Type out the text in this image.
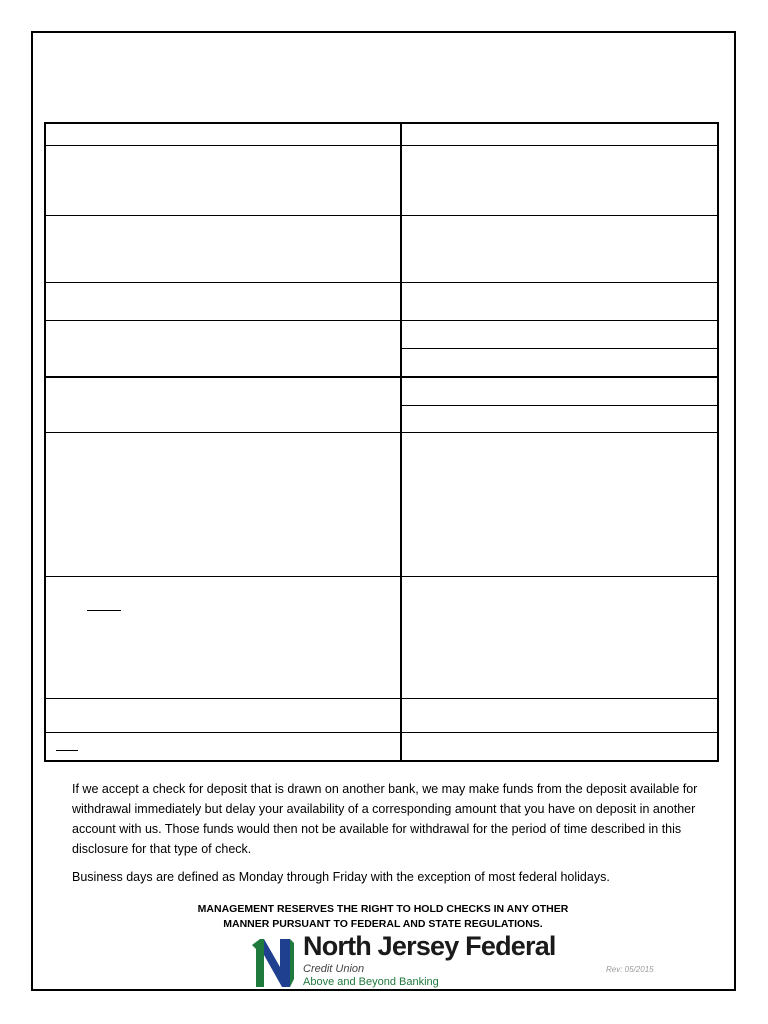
If we accept a check for deposit that is drawn on another bank, we may make funds from the deposit available for withdrawal immediately but delay your availability of a corresponding amount that you have on deposit in another account with us. Those funds would then not be available for withdrawal for the period of time described in this disclosure for that type of check.

Business days are defined as Monday through Friday with the exception of most federal holidays.

MANAGEMENT RESERVES THE RIGHT TO HOLD CHECKS IN ANY OTHER
MANNER PURSUANT TO FEDERAL AND STATE REGULATIONS.
North Jersey Federal
Credit Union
Above and Beyond Banking
Rev: 05/2015
